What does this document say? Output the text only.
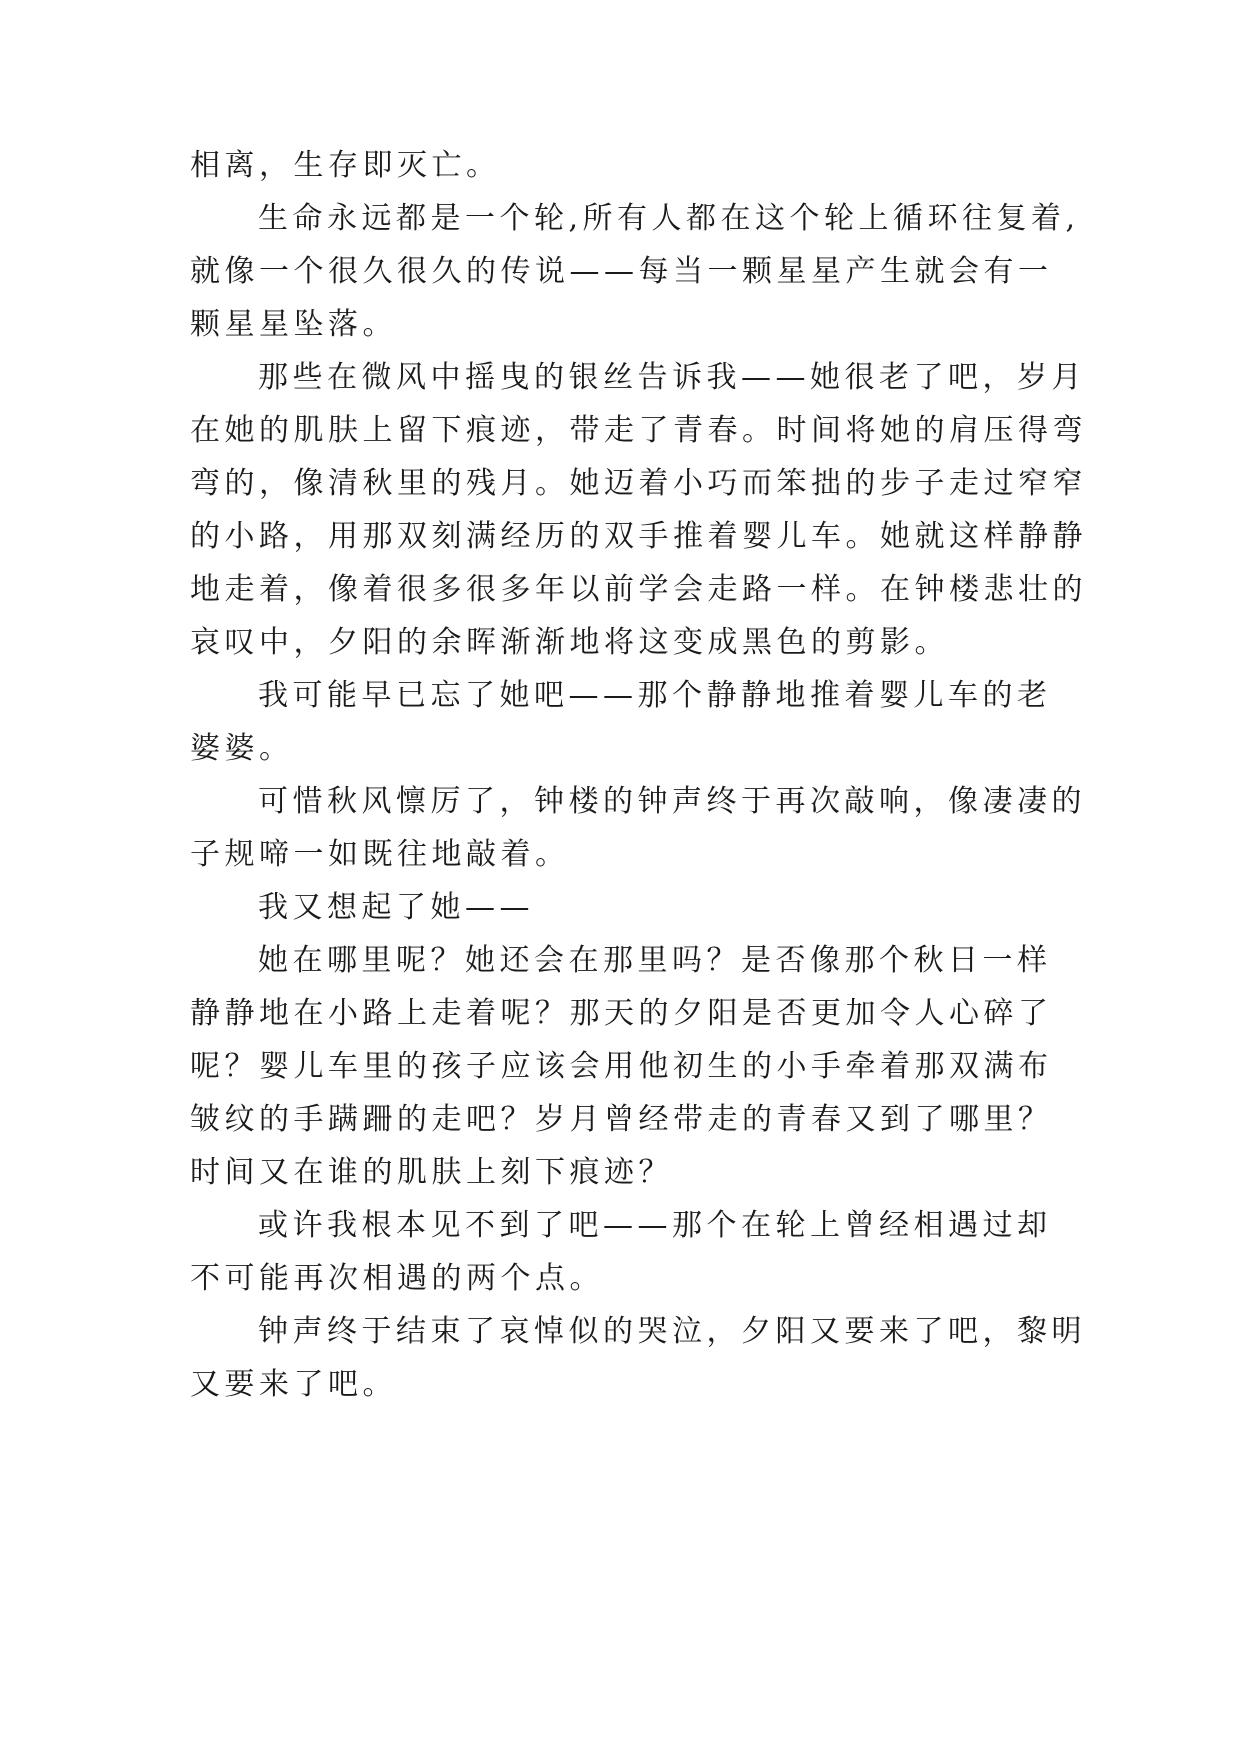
相离，生存即灭亡。

生命永远都是一个轮,所有人都在这个轮上循环往复着,

就像一个很久很久的传说——每当一颗星星产生就会有一

颗星星坠落。

那些在微风中摇曳的银丝告诉我——她很老了吧，岁月

在她的肌肤上留下痕迹，带走了青春。时间将她的肩压得弯

弯的，像清秋里的残月。她迈着小巧而笨拙的步子走过窄窄

的小路，用那双刻满经历的双手推着婴儿车。她就这样静静

地走着，像着很多很多年以前学会走路一样。在钟楼悲壮的

哀叹中，夕阳的余晖渐渐地将这变成黑色的剪影。

我可能早已忘了她吧——那个静静地推着婴儿车的老

婆婆。

可惜秋风懔厉了，钟楼的钟声终于再次敲响，像凄凄的

子规啼一如既往地敲着。

我又想起了她——

她在哪里呢？她还会在那里吗？是否像那个秋日一样

静静地在小路上走着呢？那天的夕阳是否更加令人心碎了

呢？婴儿车里的孩子应该会用他初生的小手牵着那双满布

皱纹的手蹒跚的走吧？岁月曾经带走的青春又到了哪里？

时间又在谁的肌肤上刻下痕迹？

或许我根本见不到了吧——那个在轮上曾经相遇过却

不可能再次相遇的两个点。

钟声终于结束了哀悼似的哭泣，夕阳又要来了吧，黎明

又要来了吧。
